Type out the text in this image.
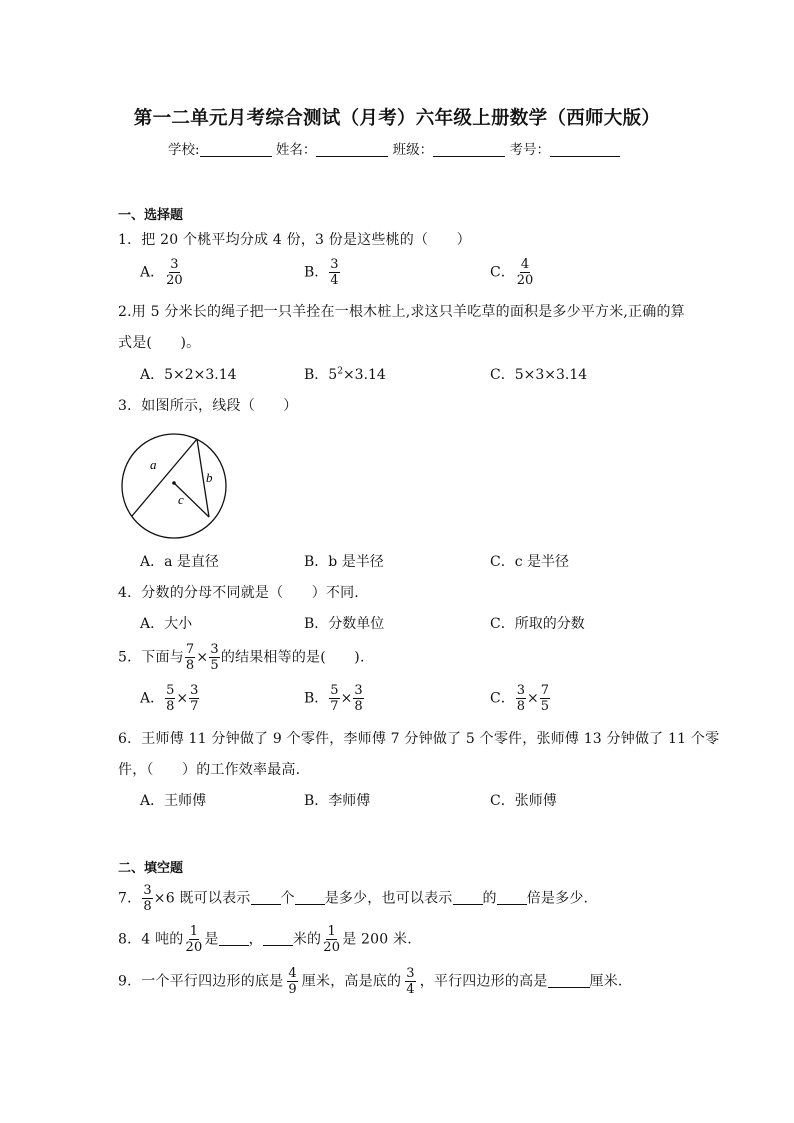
第一二单元月考综合测试（月考）六年级上册数学（西师大版）
学校:	姓名：	班级：	考号：
一、选择题
1．把 20 个桃平均分成 4 份，3 份是这些桃的（　　）
A． $\frac{3}{20}$	B． $\frac{3}{4}$	C． $\frac{4}{20}$
2.用 5 分米长的绳子把一只羊拴在一根木桩上,求这只羊吃草的面积是多少平方米,正确的算
式是(　　)。
A．5×2×3.14	B．$5^2\times 3.14$	C．5×3×3.14
3．如图所示，线段（　　）
a
b
c
A．a 是直径	B．b 是半径	C．c 是半径
4．分数的分母不同就是（　　）不同.
A．大小	B．分数单位	C．所取的分数
5．下面与 $\frac{7}{8} \times \frac{3}{5}$ 的结果相等的是(　　).
A． $\frac{5}{8} \times \frac{3}{7}$	B． $\frac{5}{7} \times \frac{3}{8}$	C． $\frac{3}{8} \times \frac{7}{5}$
6．王师傅 11 分钟做了 9 个零件，李师傅 7 分钟做了 5 个零件，张师傅 13 分钟做了 11 个零
件，（　　）的工作效率最高.
A．王师傅	B．李师傅	C．张师傅
二、填空题
7． $\frac{3}{8} \times 6$ 既可以表示 个 是多少，也可以表示 的 倍是多少.
8．4 吨的 $\frac{1}{20}$ 是 ， 米的 $\frac{1}{20}$ 是 200 米.
9．一个平行四边形的底是 $\frac{4}{9}$ 厘米，高是底的 $\frac{3}{4}$ ，平行四边形的高是	厘米.
